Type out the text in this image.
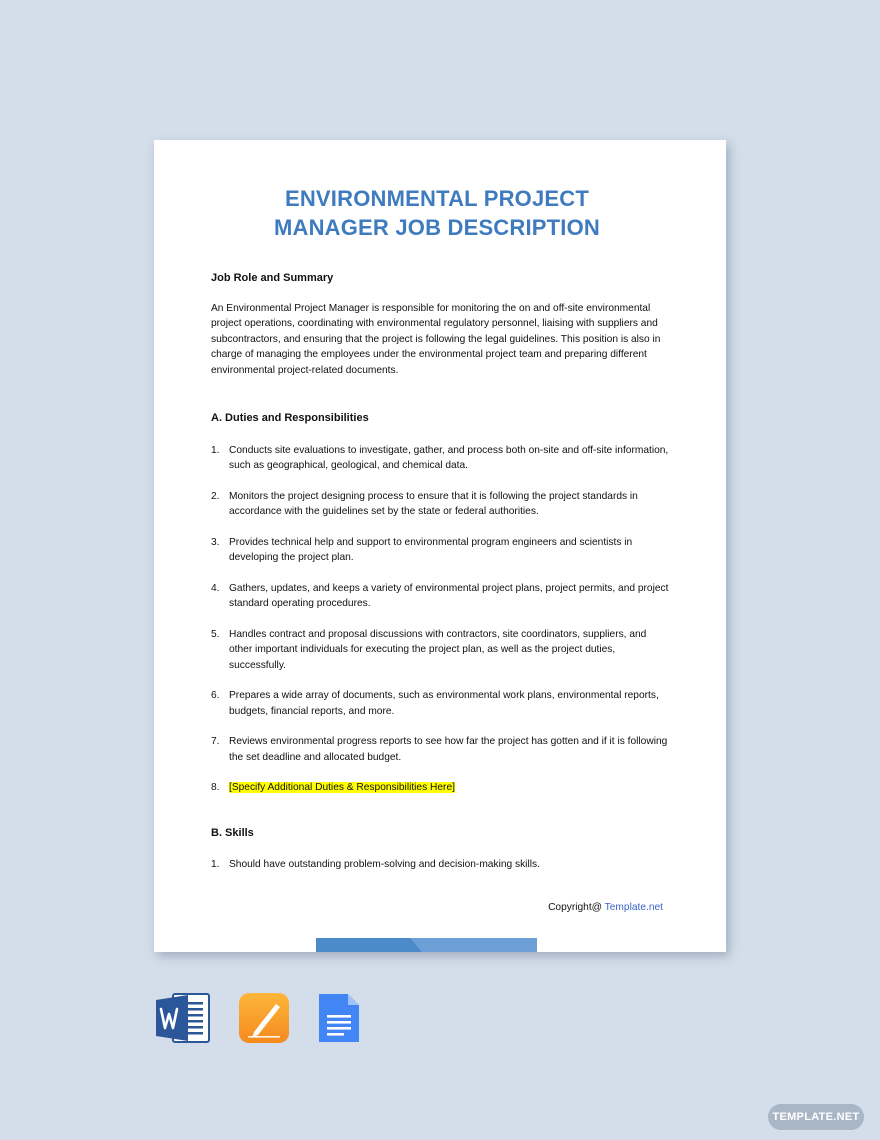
ENVIRONMENTAL PROJECT
MANAGER JOB DESCRIPTION

Job Role and Summary

An Environmental Project Manager is responsible for monitoring the on and off-site environmental project operations, coordinating with environmental regulatory personnel, liaising with suppliers and subcontractors, and ensuring that the project is following the legal guidelines. This position is also in charge of managing the employees under the environmental project team and preparing different environmental project-related documents.

A. Duties and Responsibilities

1. Conducts site evaluations to investigate, gather, and process both on-site and off-site information, such as geographical, geological, and chemical data.
2. Monitors the project designing process to ensure that it is following the project standards in accordance with the guidelines set by the state or federal authorities.
3. Provides technical help and support to environmental program engineers and scientists in developing the project plan.
4. Gathers, updates, and keeps a variety of environmental project plans, project permits, and project standard operating procedures.
5. Handles contract and proposal discussions with contractors, site coordinators, suppliers, and other important individuals for executing the project plan, as well as the project duties, successfully.
6. Prepares a wide array of documents, such as environmental work plans, environmental reports, budgets, financial reports, and more.
7. Reviews environmental progress reports to see how far the project has gotten and if it is following the set deadline and allocated budget.
8. [Specify Additional Duties & Responsibilities Here]

B. Skills

1. Should have outstanding problem-solving and decision-making skills.
Copyright@ Template.net
TEMPLATE.NET
